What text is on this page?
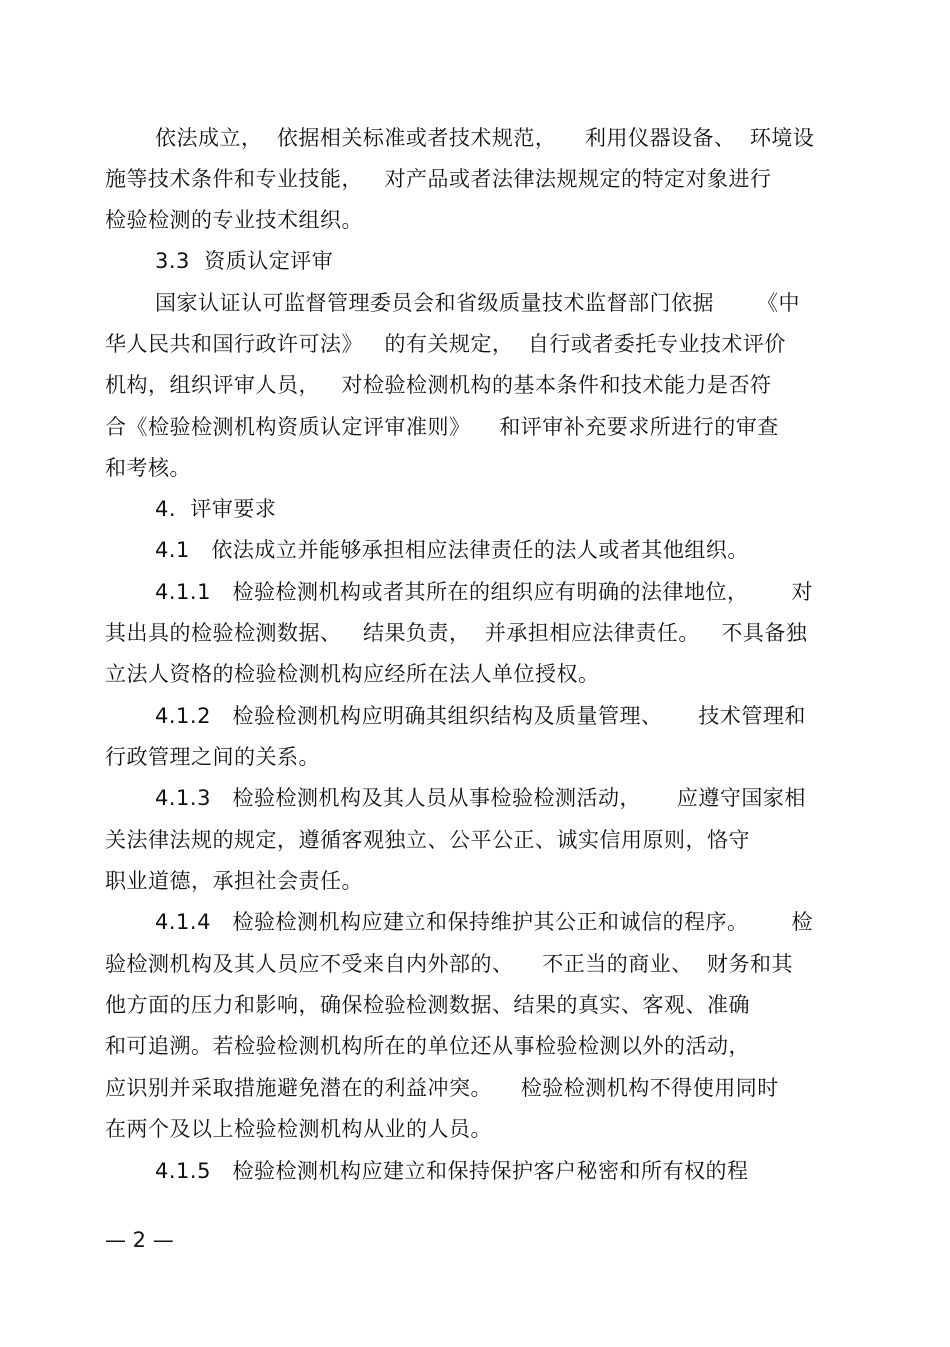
依法成立，  依据相关标准或者技术规范，    利用仪器设备、  环境设
施等技术条件和专业技能，   对产品或者法律法规规定的特定对象进行
检验检测的专业技术组织。
3.3  资质认定评审
国家认证认可监督管理委员会和省级质量技术监督部门依据      《中
华人民共和国行政许可法》   的有关规定，  自行或者委托专业技术评价
机构，组织评审人员，   对检验检测机构的基本条件和技术能力是否符
合《检验检测机构资质认定评审准则》    和评审补充要求所进行的审查
和考核。
4.  评审要求
4.1   依法成立并能够承担相应法律责任的法人或者其他组织。
4.1.1   检验检测机构或者其所在的组织应有明确的法律地位，      对
其出具的检验检测数据、   结果负责，  并承担相应法律责任。   不具备独
立法人资格的检验检测机构应经所在法人单位授权。
4.1.2   检验检测机构应明确其组织结构及质量管理、     技术管理和
行政管理之间的关系。
4.1.3   检验检测机构及其人员从事检验检测活动，     应遵守国家相
关法律法规的规定，遵循客观独立、公平公正、诚实信用原则，恪守
职业道德，承担社会责任。
4.1.4   检验检测机构应建立和保持维护其公正和诚信的程序。      检
验检测机构及其人员应不受来自内外部的、    不正当的商业、  财务和其
他方面的压力和影响，确保检验检测数据、结果的真实、客观、准确
和可追溯。若检验检测机构所在的单位还从事检验检测以外的活动，
应识别并采取措施避免潜在的利益冲突。    检验检测机构不得使用同时
在两个及以上检验检测机构从业的人员。
4.1.5   检验检测机构应建立和保持保护客户秘密和所有权的程
— 2 —
